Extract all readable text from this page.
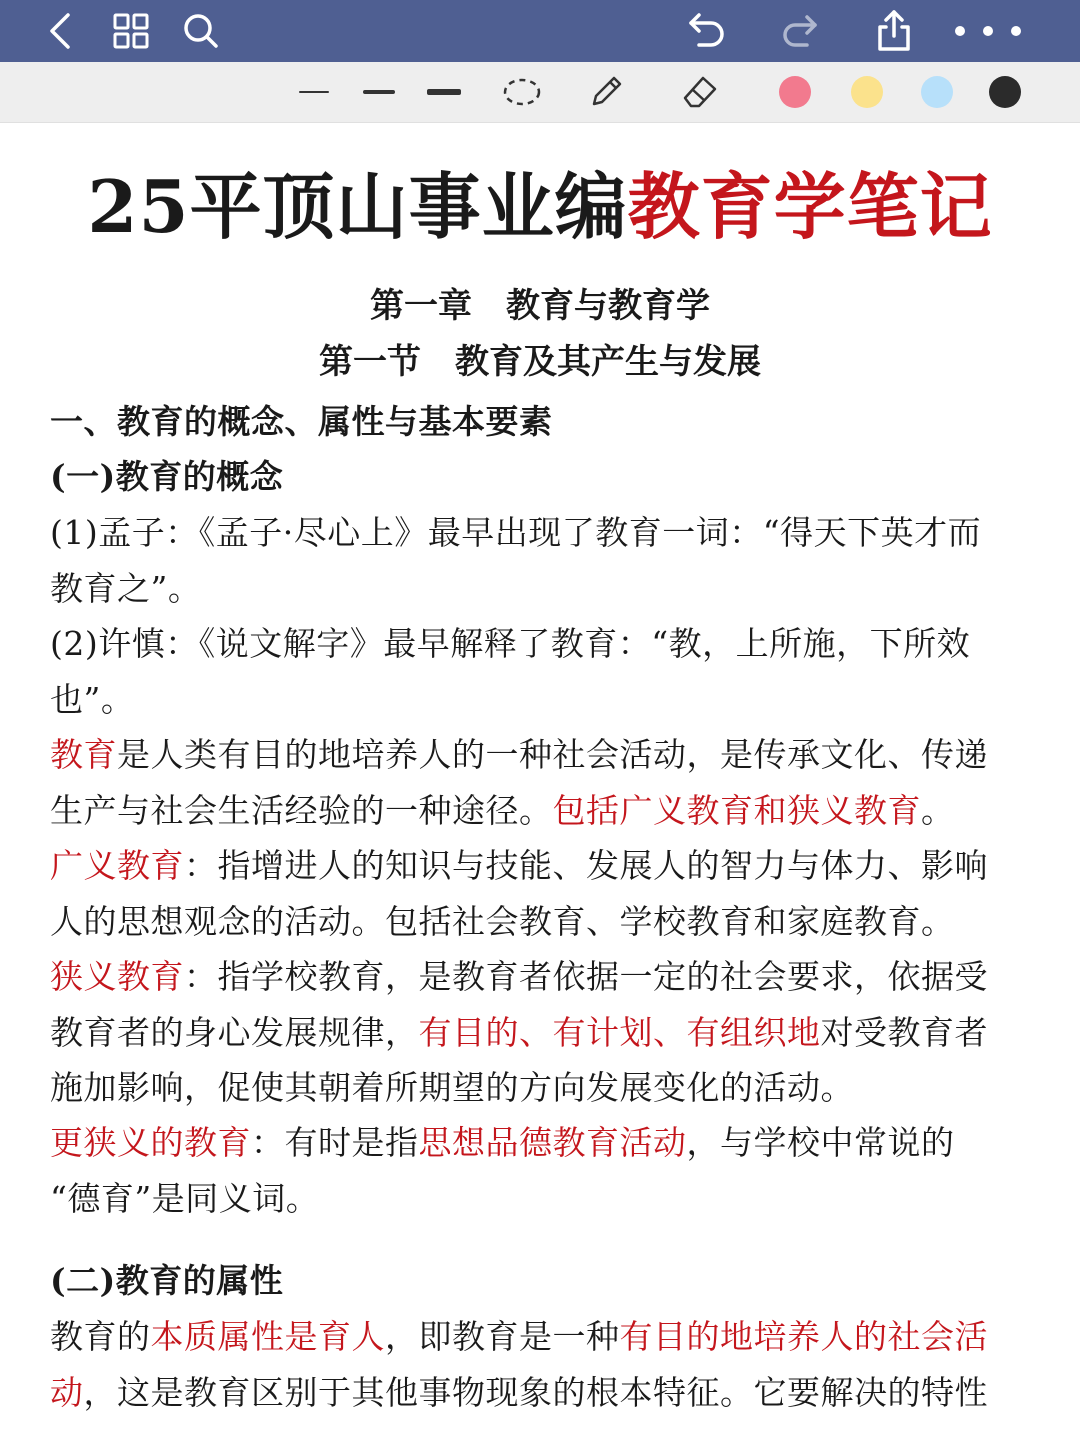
25平顶山事业编教育学笔记
第一章　教育与教育学
第一节　教育及其产生与发展
一、教育的概念、属性与基本要素
(一)教育的概念
(1)孟子：《孟子·尽心上》最早出现了教育一词：“得天下英才而
教育之”。
(2)许慎：《说文解字》最早解释了教育：“教，上所施，下所效
也”。
教育是人类有目的地培养人的一种社会活动，是传承文化、传递
生产与社会生活经验的一种途径。包括广义教育和狭义教育。
广义教育：指增进人的知识与技能、发展人的智力与体力、影响
人的思想观念的活动。包括社会教育、学校教育和家庭教育。
狭义教育：指学校教育，是教育者依据一定的社会要求，依据受
教育者的身心发展规律，有目的、有计划、有组织地对受教育者
施加影响，促使其朝着所期望的方向发展变化的活动。
更狭义的教育：有时是指思想品德教育活动，与学校中常说的
“德育”是同义词。
(二)教育的属性
教育的本质属性是育人，即教育是一种有目的地培养人的社会活
动，这是教育区别于其他事物现象的根本特征。它要解决的特性
